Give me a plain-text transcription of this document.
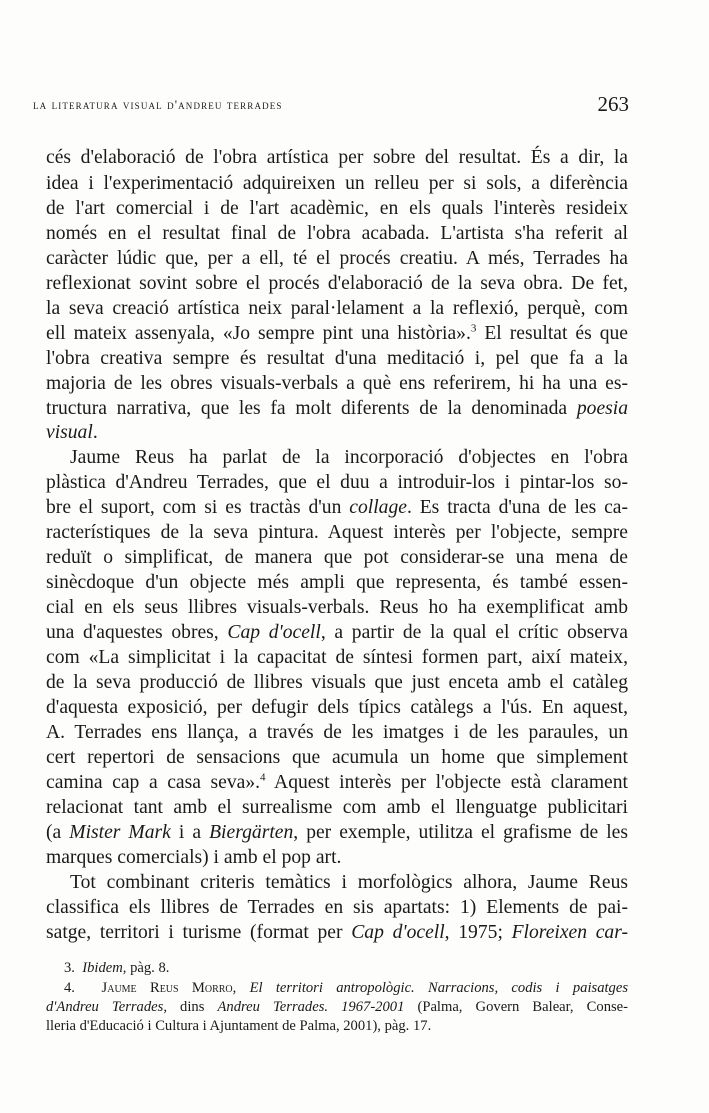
la literatura visual d'andreu terrades	263
cés d'elaboració de l'obra artística per sobre del resultat. És a dir, la
idea i l'experimentació adquireixen un relleu per si sols, a diferència
de l'art comercial i de l'art acadèmic, en els quals l'interès resideix
només en el resultat final de l'obra acabada. L'artista s'ha referit al
caràcter lúdic que, per a ell, té el procés creatiu. A més, Terrades ha
reflexionat sovint sobre el procés d'elaboració de la seva obra. De fet,
la seva creació artística neix paral·lelament a la reflexió, perquè, com
ell mateix assenyala, «Jo sempre pint una història».$^3$ El resultat és que
l'obra creativa sempre és resultat d'una meditació i, pel que fa a la
majoria de les obres visuals-verbals a què ens referirem, hi ha una es-
tructura narrativa, que les fa molt diferents de la denominada poesia
visual.
Jaume Reus ha parlat de la incorporació d'objectes en l'obra
plàstica d'Andreu Terrades, que el duu a introduir-los i pintar-los so-
bre el suport, com si es tractàs d'un collage. Es tracta d'una de les ca-
racterístiques de la seva pintura. Aquest interès per l'objecte, sempre
reduït o simplificat, de manera que pot considerar-se una mena de
sinècdoque d'un objecte més ampli que representa, és també essen-
cial en els seus llibres visuals-verbals. Reus ho ha exemplificat amb
una d'aquestes obres, Cap d'ocell, a partir de la qual el crític observa
com «La simplicitat i la capacitat de síntesi formen part, així mateix,
de la seva producció de llibres visuals que just enceta amb el catàleg
d'aquesta exposició, per defugir dels típics catàlegs a l'ús. En aquest,
A. Terrades ens llança, a través de les imatges i de les paraules, un
cert repertori de sensacions que acumula un home que simplement
camina cap a casa seva».$^4$ Aquest interès per l'objecte està clarament
relacionat tant amb el surrealisme com amb el llenguatge publicitari
(a Mister Mark i a Biergärten, per exemple, utilitza el grafisme de les
marques comercials) i amb el pop art.
Tot combinant criteris temàtics i morfològics alhora, Jaume Reus
classifica els llibres de Terrades en sis apartats: 1) Elements de pai-
satge, territori i turisme (format per Cap d'ocell, 1975; Floreixen car-
3. Ibidem, pàg. 8.
4. Jaume Reus Morro, El territori antropològic. Narracions, codis i paisatges
d'Andreu Terrades, dins Andreu Terrades. 1967-2001 (Palma, Govern Balear, Conse-
lleria d'Educació i Cultura i Ajuntament de Palma, 2001), pàg. 17.
